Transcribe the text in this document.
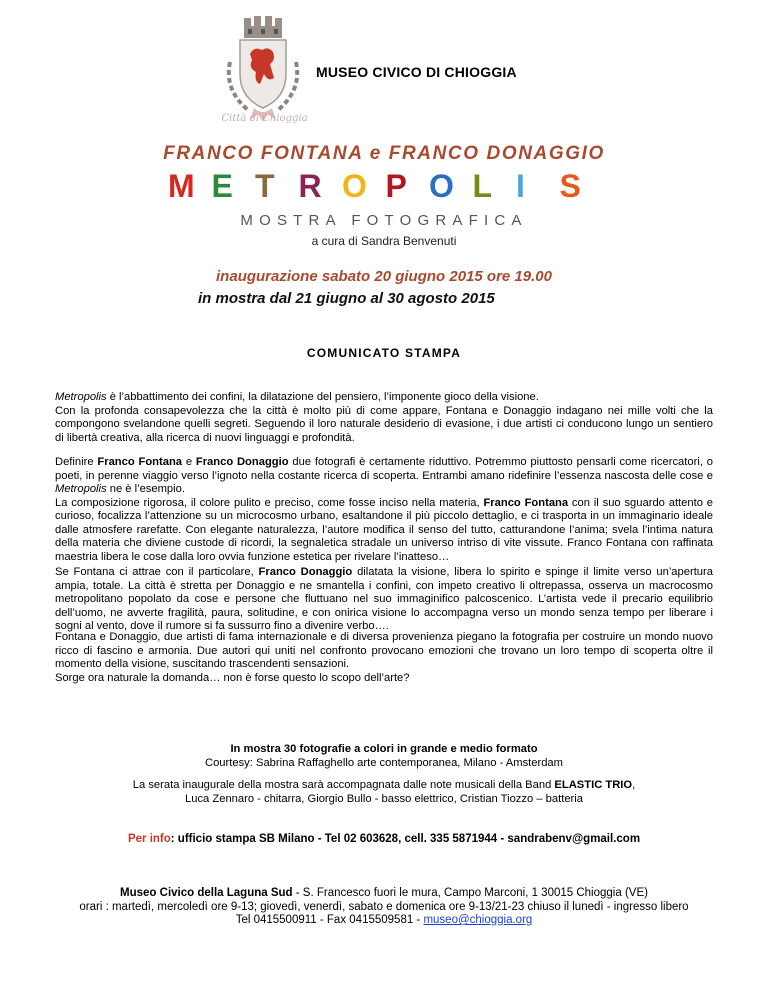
Città di Chioggia
MUSEO CIVICO DI CHIOGGIA
FRANCO FONTANA e FRANCO DONAGGIO
M E T R O P O L I S
MOSTRA FOTOGRAFICA
a cura di Sandra Benvenuti
inaugurazione sabato 20 giugno 2015 ore 19.00
in mostra dal 21 giugno al 30 agosto 2015
COMUNICATO STAMPA

Metropolis è l’abbattimento dei confini, la dilatazione del pensiero, l’imponente gioco della visione.

Con la profonda consapevolezza che la città è molto più di come appare, Fontana e Donaggio indagano nei mille volti che la compongono svelandone quelli segreti. Seguendo il loro naturale desiderio di evasione, i due artisti ci conducono lungo un sentiero di libertà creativa, alla ricerca di nuovi linguaggi e profondità.

Definire Franco Fontana e Franco Donaggio due fotografi è certamente riduttivo. Potremmo piuttosto pensarli come ricercatori, o poeti, in perenne viaggio verso l’ignoto nella costante ricerca di scoperta. Entrambi amano ridefinire l’essenza nascosta delle cose e Metropolis ne è l’esempio.

La composizione rigorosa, il colore pulito e preciso, come fosse inciso nella materia, Franco Fontana con il suo sguardo attento e curioso, focalizza l’attenzione su un microcosmo urbano, esaltandone il più piccolo dettaglio, e ci trasporta in un immaginario ideale dalle atmosfere rarefatte. Con elegante naturalezza, l’autore modifica il senso del tutto, catturandone l’anima; svela l’intima natura della materia che diviene custode di ricordi, la segnaletica stradale un universo intriso di vite vissute. Franco Fontana con raffinata maestria libera le cose dalla loro ovvia funzione estetica per rivelare l’inatteso…

Se Fontana ci attrae con il particolare, Franco Donaggio dilatata la visione, libera lo spirito e spinge il limite verso un’apertura ampia, totale. La città è stretta per Donaggio e ne smantella i confini, con impeto creativo li oltrepassa, osserva un macrocosmo metropolitano popolato da cose e persone che fluttuano nel suo immaginifico palcoscenico. L’artista vede il precario equilibrio dell’uomo, ne avverte fragilità, paura, solitudine, e con onirica visione lo accompagna verso un mondo senza tempo per liberare i sogni al vento, dove il rumore si fa sussurro fino a divenire verbo….

Fontana e Donaggio, due artisti di fama internazionale e di diversa provenienza piegano la fotografia per costruire un mondo nuovo ricco di fascino e armonia. Due autori qui uniti nel confronto provocano emozioni che trovano un loro tempo di scoperta oltre il momento della visione, suscitando trascendenti sensazioni.

Sorge ora naturale la domanda… non è forse questo lo scopo dell’arte?

In mostra 30 fotografie a colori in grande e medio formato
Courtesy: Sabrina Raffaghello arte contemporanea, Milano - Amsterdam
La serata inaugurale della mostra sarà accompagnata dalle note musicali della Band ELASTIC TRIO,
Luca Zennaro - chitarra, Giorgio Bullo - basso elettrico, Cristian Tiozzo – batteria
Per info: ufficio stampa SB Milano - Tel 02 603628, cell. 335 5871944 - sandrabenv@gmail.com
Museo Civico della Laguna Sud - S. Francesco fuori le mura, Campo Marconi, 1 30015 Chioggia (VE)
orari : martedì, mercoledì ore 9-13; giovedì, venerdì, sabato e domenica ore 9-13/21-23 chiuso il lunedì - ingresso libero
Tel 0415500911 - Fax 0415509581 - museo@chioggia.org
